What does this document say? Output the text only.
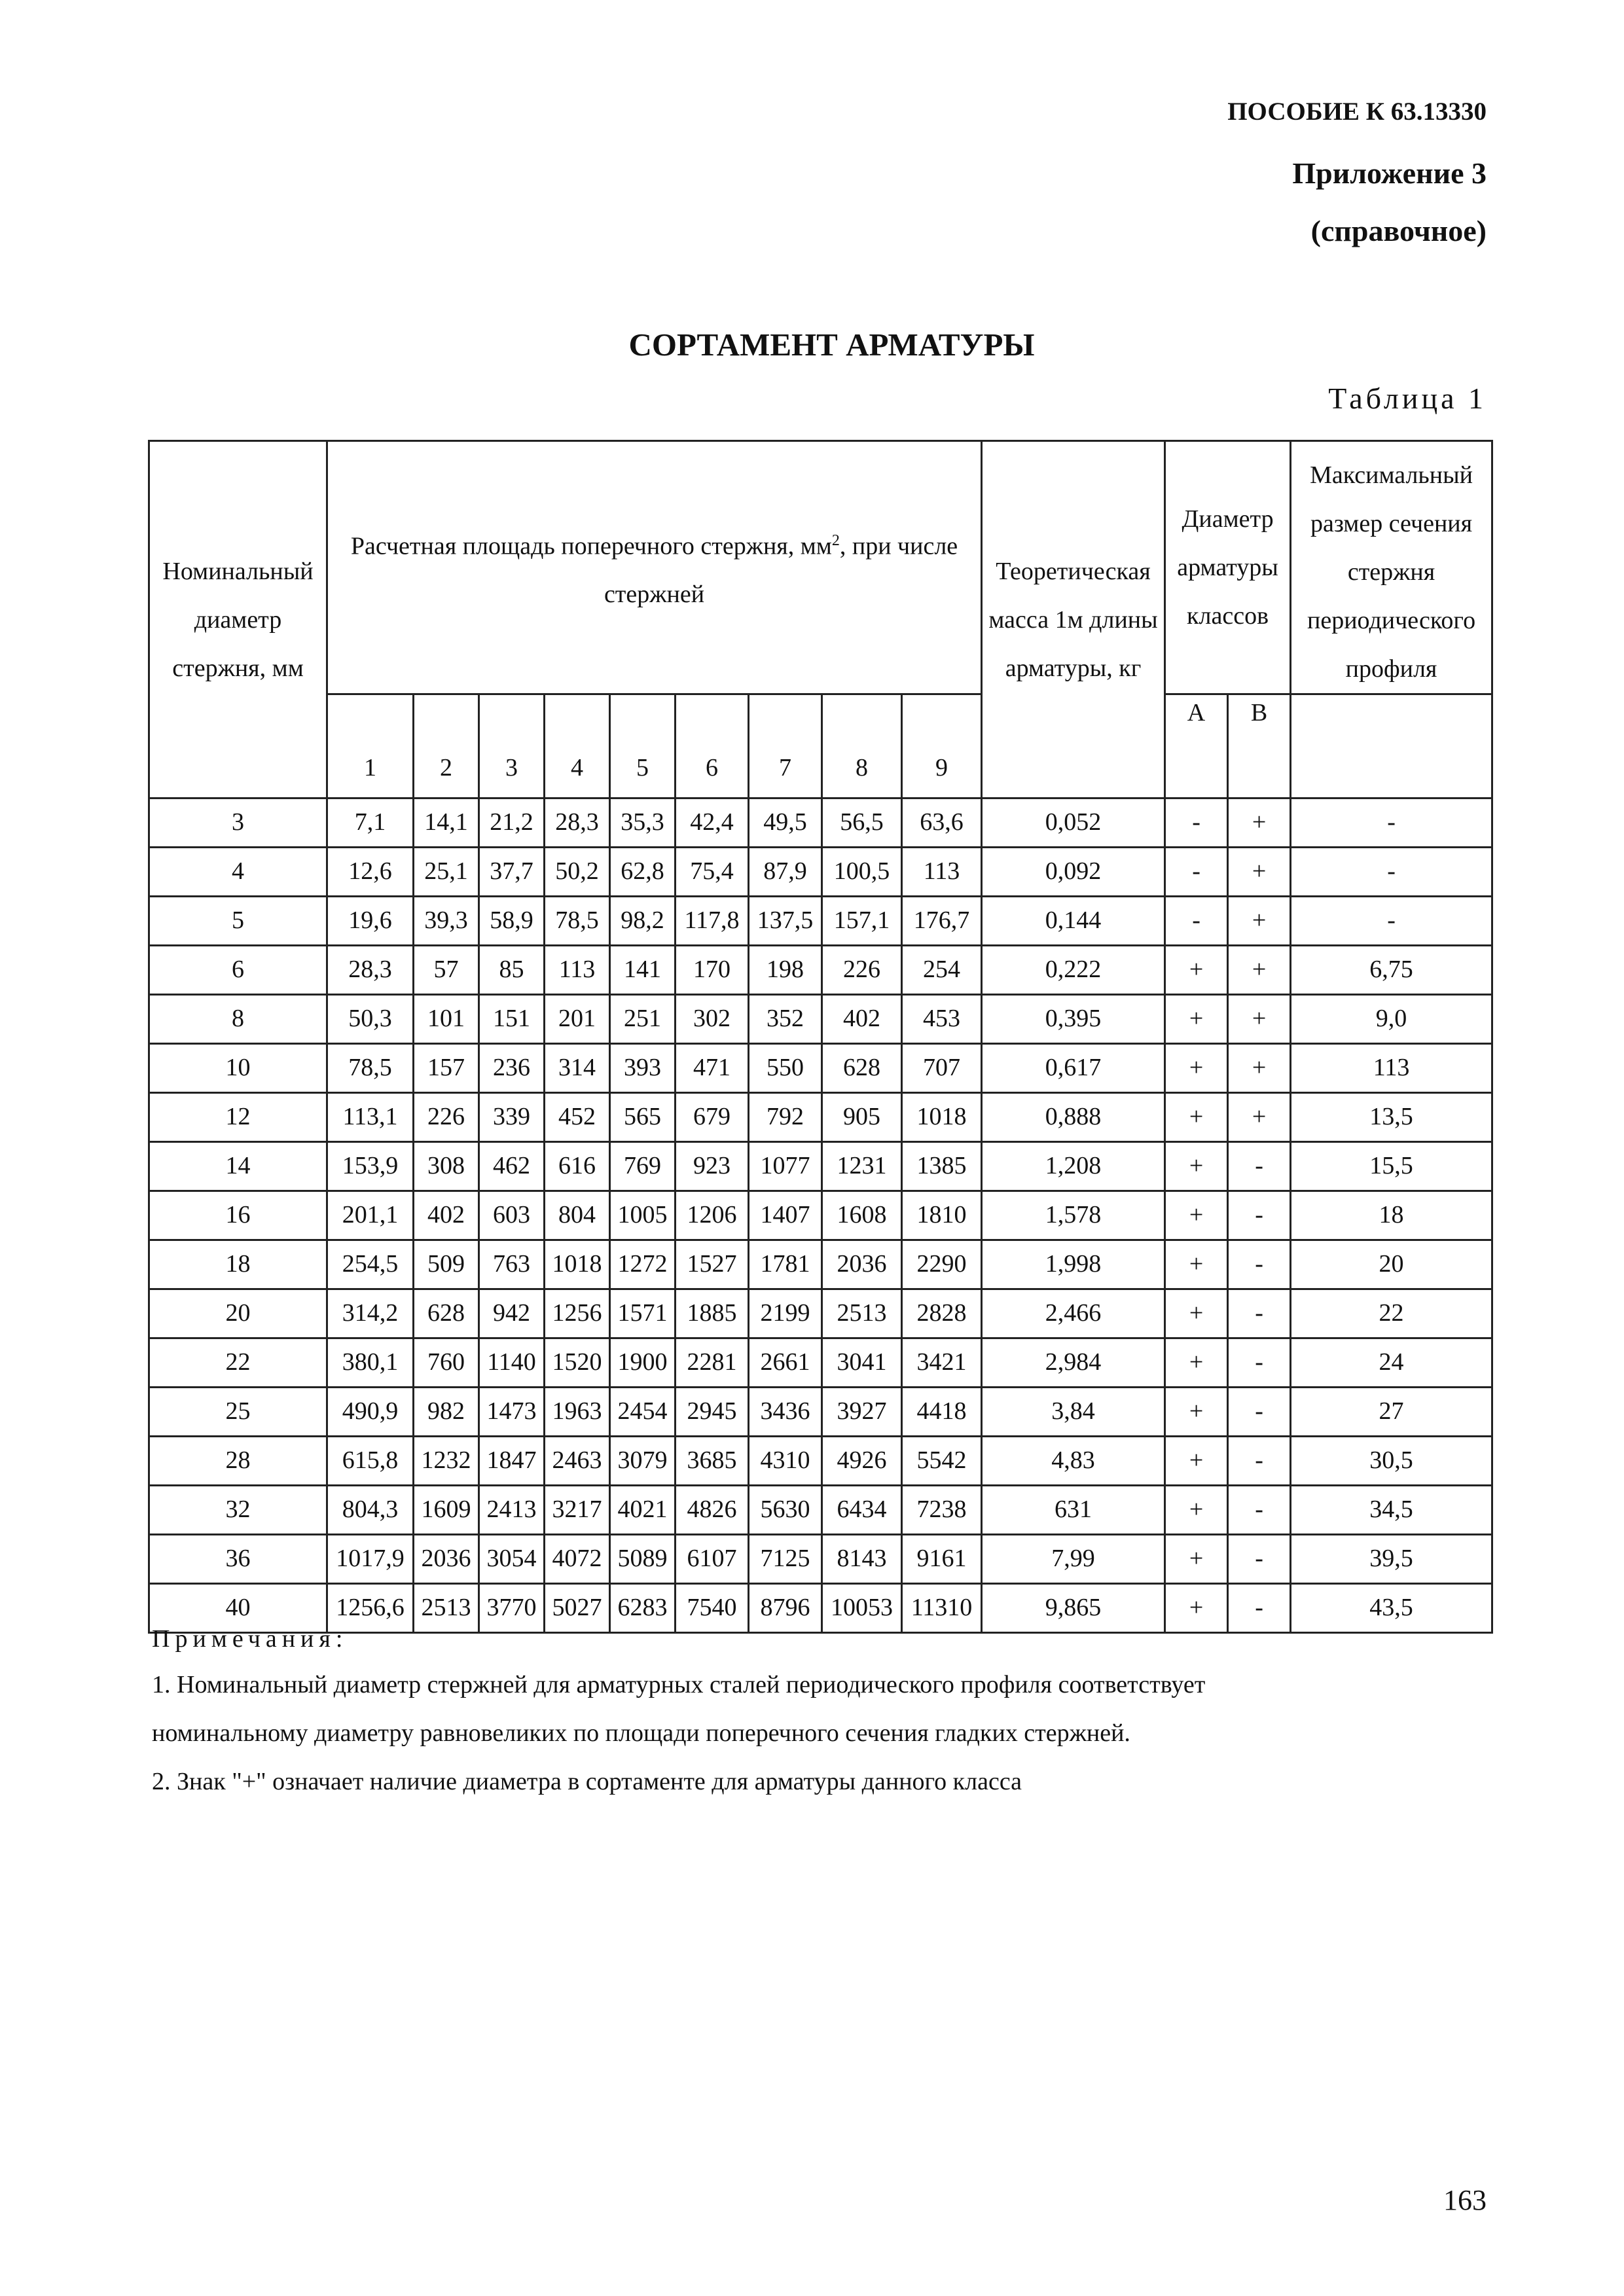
ПОСОБИЕ К 63.13330
Приложение 3
(справочное)
СОРТАМЕНТ АРМАТУРЫ
Таблица 1
Номинальный диаметр стержня, мм	Расчетная площадь поперечного стержня, $мм^2$, при числе стержней									Теоретическая масса 1м длины арматуры, кг	Диаметр арматуры классов		Максимальный размер сечения стержня периодического профиля
	1	2	3	4	5	6	7	8	9		А	В	
3	7,1	14,1	21,2	28,3	35,3	42,4	49,5	56,5	63,6	0,052	-	+	-
4	12,6	25,1	37,7	50,2	62,8	75,4	87,9	100,5	113	0,092	-	+	-
5	19,6	39,3	58,9	78,5	98,2	117,8	137,5	157,1	176,7	0,144	-	+	-
6	28,3	57	85	113	141	170	198	226	254	0,222	+	+	6,75
8	50,3	101	151	201	251	302	352	402	453	0,395	+	+	9,0
10	78,5	157	236	314	393	471	550	628	707	0,617	+	+	113
12	113,1	226	339	452	565	679	792	905	1018	0,888	+	+	13,5
14	153,9	308	462	616	769	923	1077	1231	1385	1,208	+	-	15,5
16	201,1	402	603	804	1005	1206	1407	1608	1810	1,578	+	-	18
18	254,5	509	763	1018	1272	1527	1781	2036	2290	1,998	+	-	20
20	314,2	628	942	1256	1571	1885	2199	2513	2828	2,466	+	-	22
22	380,1	760	1140	1520	1900	2281	2661	3041	3421	2,984	+	-	24
25	490,9	982	1473	1963	2454	2945	3436	3927	4418	3,84	+	-	27
28	615,8	1232	1847	2463	3079	3685	4310	4926	5542	4,83	+	-	30,5
32	804,3	1609	2413	3217	4021	4826	5630	6434	7238	631	+	-	34,5
36	1017,9	2036	3054	4072	5089	6107	7125	8143	9161	7,99	+	-	39,5
40	1256,6	2513	3770	5027	6283	7540	8796	10053	11310	9,865	+	-	43,5
Примечания:
1. Номинальный диаметр стержней для арматурных сталей периодического профиля соответствует
номинальному диаметру равновеликих по площади поперечного сечения гладких стержней.
2. Знак "+" означает наличие диаметра в сортаменте для арматуры данного класса
163
